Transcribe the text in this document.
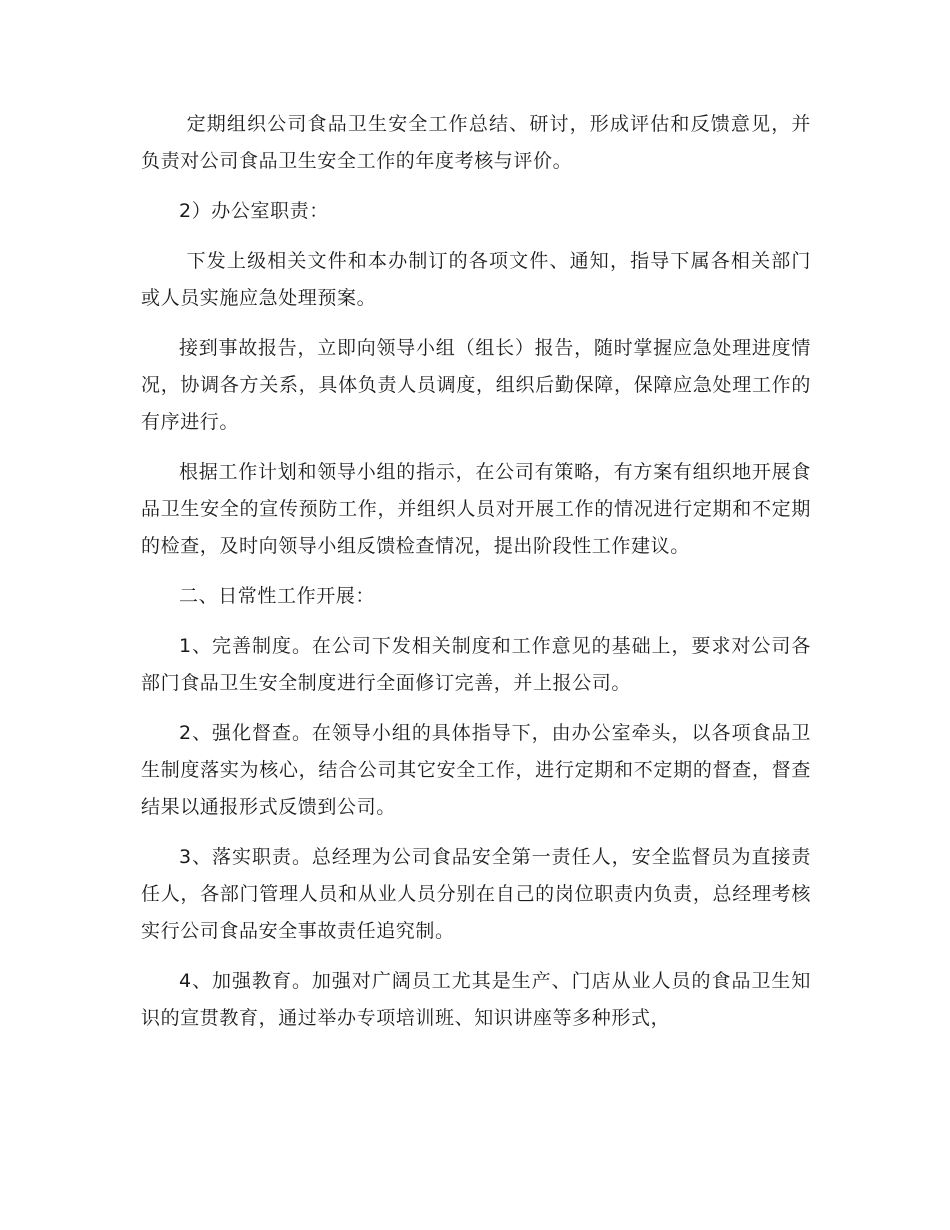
定期组织公司食品卫生安全工作总结、研讨，形成评估和反馈意见，并负责对公司食品卫生安全工作的年度考核与评价。

2）办公室职责：

下发上级相关文件和本办制订的各项文件、通知，指导下属各相关部门或人员实施应急处理预案。

接到事故报告，立即向领导小组（组长）报告，随时掌握应急处理进度情况，协调各方关系，具体负责人员调度，组织后勤保障，保障应急处理工作的有序进行。

根据工作计划和领导小组的指示，在公司有策略，有方案有组织地开展食品卫生安全的宣传预防工作，并组织人员对开展工作的情况进行定期和不定期的检查，及时向领导小组反馈检查情况，提出阶段性工作建议。

二、日常性工作开展：

1、完善制度。在公司下发相关制度和工作意见的基础上，要求对公司各部门食品卫生安全制度进行全面修订完善，并上报公司。

2、强化督查。在领导小组的具体指导下，由办公室牵头，以各项食品卫生制度落实为核心，结合公司其它安全工作，进行定期和不定期的督查，督查结果以通报形式反馈到公司。

3、落实职责。总经理为公司食品安全第一责任人，安全监督员为直接责任人，各部门管理人员和从业人员分别在自己的岗位职责内负责，总经理考核实行公司食品安全事故责任追究制。

4、加强教育。加强对广阔员工尤其是生产、门店从业人员的食品卫生知识的宣贯教育，通过举办专项培训班、知识讲座等多种形式，
